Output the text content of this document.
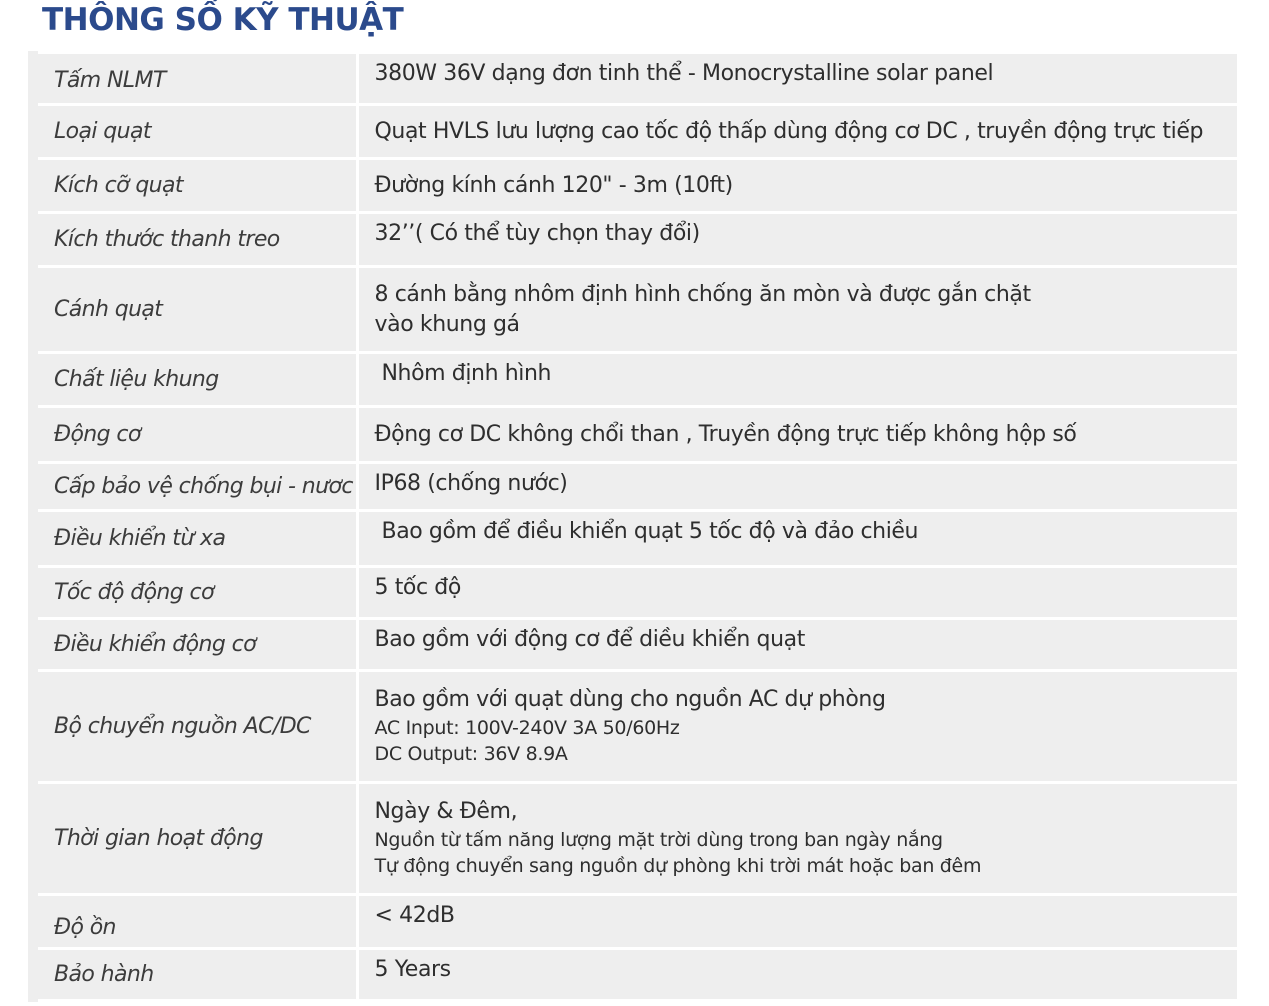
THÔNG SỐ KỸ THUẬT
Tấm NLMT	380W 36V dạng đơn tinh thể - Monocrystalline solar panel

Loại quạt	Quạt HVLS lưu lượng cao tốc độ thấp dùng động cơ DC , truyền động trực tiếp

Kích cỡ quạt	Đường kính cánh 120" - 3m (10ft)

Kích thước thanh treo	32’’( Có thể tùy chọn thay đổi)

Cánh quạt	8 cánh bằng nhôm định hình chống ăn mòn và được gắn chặt
vào khung gá

Chất liệu khung	Nhôm định hình

Động cơ	Động cơ DC không chổi than , Truyền động trực tiếp không hộp số

Cấp bảo vệ chống bụi - nươc	IP68 (chống nước)

Điều khiển từ xa	Bao gồm để điều khiển quạt 5 tốc độ và đảo chiều

Tốc độ động cơ	5 tốc độ

Điều khiển động cơ	Bao gồm với động cơ để diều khiển quạt

Bộ chuyển nguồn AC/DC	Bao gồm với quạt dùng cho nguồn AC dự phòng
AC Input: 100V-240V 3A 50/60Hz
DC Output: 36V 8.9A

Thời gian hoạt động	Ngày & Đêm,
Nguồn từ tấm năng lượng mặt trời dùng trong ban ngày nắng
Tự động chuyển sang nguồn dự phòng khi trời mát hoặc ban đêm

Độ ồn	< 42dB

Bảo hành	5 Years
